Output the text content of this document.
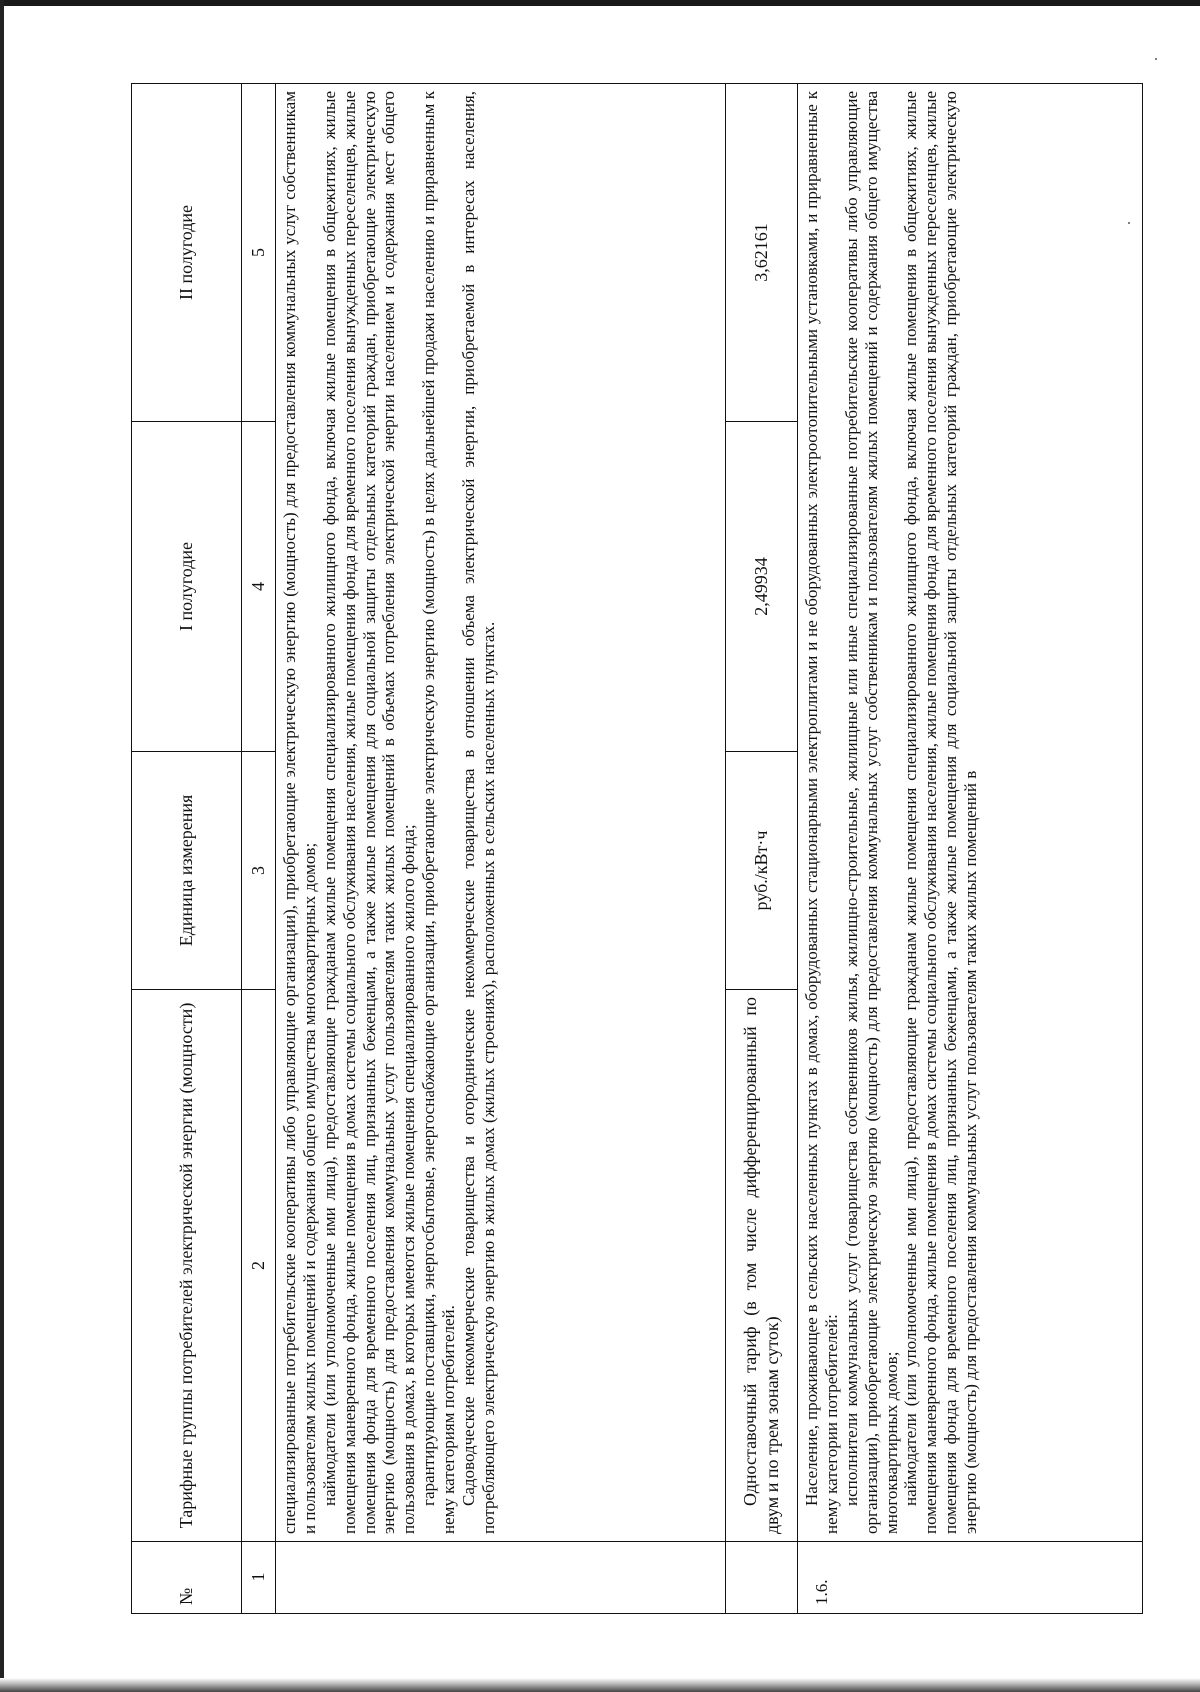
№	Тарифные группы потребителей электрической энергии (мощности)	Единица измерения	I полугодие	II полугодие
1	2	3	4	5

	специализированные потребительские кооперативы либо управляющие организации), приобретающие электрическую энергию (мощность) для предоставления коммунальных услуг собственникам и пользователям жилых помещений и содержания общего имущества многоквартирных домов; наймодатели (или уполномоченные ими лица), предоставляющие гражданам жилые помещения специализированного жилищного фонда, включая жилые помещения в общежитиях, жилые помещения маневренного фонда, жилые помещения в домах системы социального обслуживания населения, жилые помещения фонда для временного поселения вынужденных переселенцев, жилые помещения фонда для временного поселения лиц, признанных беженцами, а также жилые помещения для социальной защиты отдельных категорий граждан, приобретающие электрическую энергию (мощность) для предоставления коммунальных услуг пользователям таких жилых помещений в объемах потребления электрической энергии населением и содержания мест общего пользования в домах, в которых имеются жилые помещения специализированного жилого фонда; гарантирующие поставщики, энергосбытовые, энергоснабжающие организации, приобретающие электрическую энергию (мощность) в целях дальнейшей продажи населению и приравненным к нему категориям потребителей. Садоводческие некоммерческие товарищества и огороднические некоммерческие товарищества в отношении объема электрической энергии, приобретаемой в интересах населения, потребляющего электрическую энергию в жилых домах (жилых строениях), расположенных в сельских населенных пунктах.			

	Одноставочный тариф (в том числе дифференцированный по двум и по трем зонам суток)	руб./кВт·ч	2,49934	3,62161
1.6.	Население, проживающее в сельских населенных пунктах в домах, оборудованных стационарными электроплитами и не оборудованных электроотопительными установками, и приравненные к нему категории потребителей: исполнители коммунальных услуг (товарищества собственников жилья, жилищно-строительные, жилищные или иные специализированные потребительские кооперативы либо управляющие организации), приобретающие электрическую энергию (мощность) для предоставления коммунальных услуг собственникам и пользователям жилых помещений и содержания общего имущества многоквартирных домов; наймодатели (или уполномоченные ими лица), предоставляющие гражданам жилые помещения специализированного жилищного фонда, включая жилые помещения в общежитиях, жилые помещения маневренного фонда, жилые помещения в домах системы социального обслуживания населения, жилые помещения фонда для временного поселения вынужденных переселенцев, жилые помещения фонда для временного поселения лиц, признанных беженцами, а также жилые помещения для социальной защиты отдельных категорий граждан, приобретающие электрическую энергию (мощность) для предоставления коммунальных услуг пользователям таких жилых помещений в			
